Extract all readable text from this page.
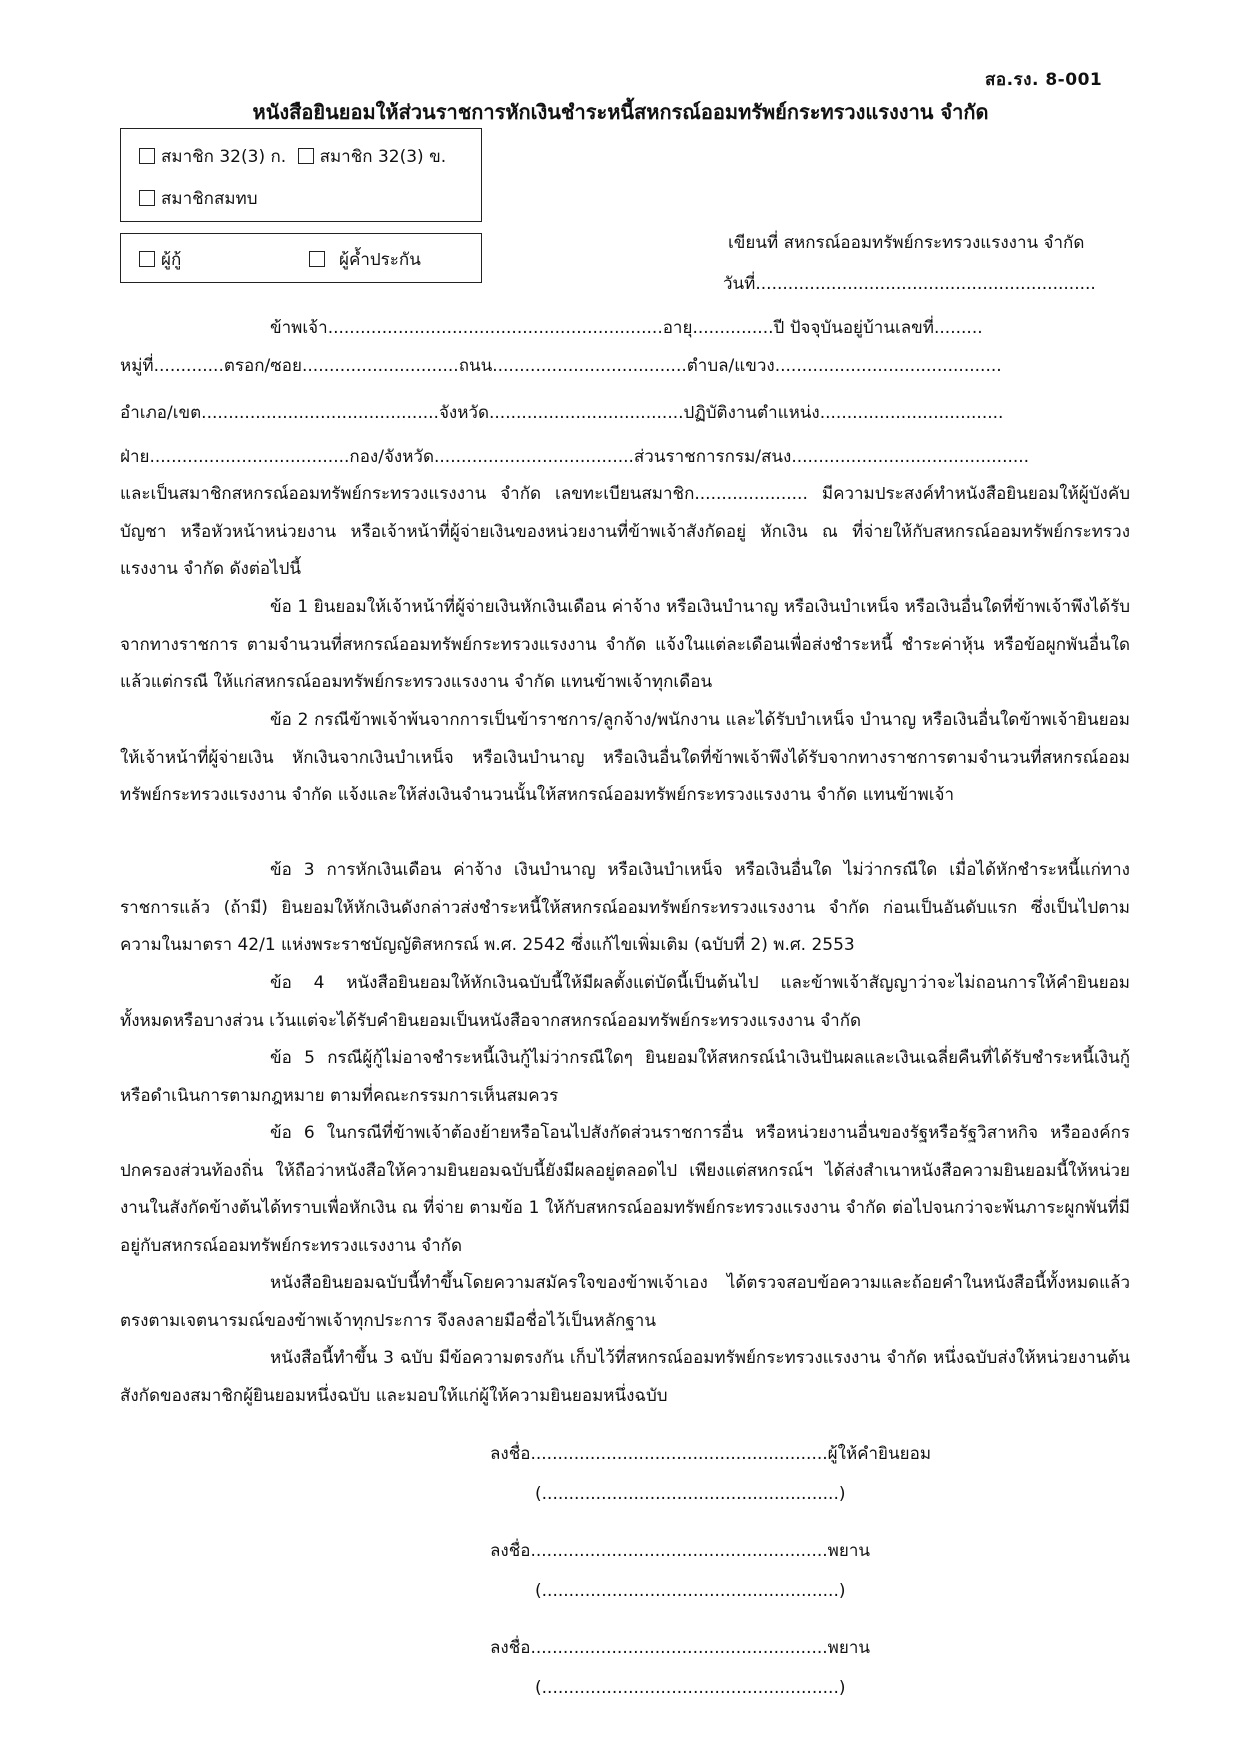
สอ.รง. 8-001
หนังสือยินยอมให้ส่วนราชการหักเงินชำระหนี้สหกรณ์ออมทรัพย์กระทรวงแรงงาน จำกัด
สมาชิก 32(3) ก. สมาชิก 32(3) ข.
สมาชิกสมทบ
ผู้กู้	ผู้ค้ำประกัน
เขียนที่ สหกรณ์ออมทรัพย์กระทรวงแรงงาน จำกัด
วันที่...............................................................
ข้าพเจ้า..............................................................อายุ...............ปี ปัจจุบันอยู่บ้านเลขที่.........
หมู่ที่.............ตรอก/ซอย.............................ถนน....................................ตำบล/แขวง..........................................
อำเภอ/เขต............................................จังหวัด....................................ปฏิบัติงานตำแหน่ง..................................
ฝ่าย.....................................กอง/จังหวัด.....................................ส่วนราชการกรม/สนง............................................
และเป็นสมาชิกสหกรณ์ออมทรัพย์กระทรวงแรงงาน จำกัด เลขทะเบียนสมาชิก..................... มีความประสงค์ทำหนังสือยินยอมให้ผู้บังคับบัญชา หรือหัวหน้าหน่วยงาน หรือเจ้าหน้าที่ผู้จ่ายเงินของหน่วยงานที่ข้าพเจ้าสังกัดอยู่ หักเงิน ณ ที่จ่ายให้กับสหกรณ์ออมทรัพย์กระทรวงแรงงาน จำกัด ดังต่อไปนี้
ข้อ 1 ยินยอมให้เจ้าหน้าที่ผู้จ่ายเงินหักเงินเดือน ค่าจ้าง หรือเงินบำนาญ หรือเงินบำเหน็จ หรือเงินอื่นใดที่ข้าพเจ้าพึงได้รับจากทางราชการ ตามจำนวนที่สหกรณ์ออมทรัพย์กระทรวงแรงงาน จำกัด แจ้งในแต่ละเดือนเพื่อส่งชำระหนี้ ชำระค่าหุ้น หรือข้อผูกพันอื่นใด แล้วแต่กรณี ให้แก่สหกรณ์ออมทรัพย์กระทรวงแรงงาน จำกัด แทนข้าพเจ้าทุกเดือน
ข้อ 2 กรณีข้าพเจ้าพ้นจากการเป็นข้าราชการ/ลูกจ้าง/พนักงาน และได้รับบำเหน็จ บำนาญ หรือเงินอื่นใดข้าพเจ้ายินยอมให้เจ้าหน้าที่ผู้จ่ายเงิน หักเงินจากเงินบำเหน็จ หรือเงินบำนาญ หรือเงินอื่นใดที่ข้าพเจ้าพึงได้รับจากทางราชการตามจำนวนที่สหกรณ์ออมทรัพย์กระทรวงแรงงาน จำกัด แจ้งและให้ส่งเงินจำนวนนั้นให้สหกรณ์ออมทรัพย์กระทรวงแรงงาน จำกัด แทนข้าพเจ้า
ข้อ 3 การหักเงินเดือน ค่าจ้าง เงินบำนาญ หรือเงินบำเหน็จ หรือเงินอื่นใด ไม่ว่ากรณีใด เมื่อได้หักชำระหนี้แก่ทางราชการแล้ว (ถ้ามี) ยินยอมให้หักเงินดังกล่าวส่งชำระหนี้ให้สหกรณ์ออมทรัพย์กระทรวงแรงงาน จำกัด ก่อนเป็นอันดับแรก ซึ่งเป็นไปตามความในมาตรา 42/1 แห่งพระราชบัญญัติสหกรณ์ พ.ศ. 2542 ซึ่งแก้ไขเพิ่มเติม (ฉบับที่ 2) พ.ศ. 2553
ข้อ 4 หนังสือยินยอมให้หักเงินฉบับนี้ให้มีผลตั้งแต่บัดนี้เป็นต้นไป และข้าพเจ้าสัญญาว่าจะไม่ถอนการให้คำยินยอมทั้งหมดหรือบางส่วน เว้นแต่จะได้รับคำยินยอมเป็นหนังสือจากสหกรณ์ออมทรัพย์กระทรวงแรงงาน จำกัด
ข้อ 5 กรณีผู้กู้ไม่อาจชำระหนี้เงินกู้ไม่ว่ากรณีใดๆ ยินยอมให้สหกรณ์นำเงินปันผลและเงินเฉลี่ยคืนที่ได้รับชำระหนี้เงินกู้ หรือดำเนินการตามกฎหมาย ตามที่คณะกรรมการเห็นสมควร
ข้อ 6 ในกรณีที่ข้าพเจ้าต้องย้ายหรือโอนไปสังกัดส่วนราชการอื่น หรือหน่วยงานอื่นของรัฐหรือรัฐวิสาหกิจ หรือองค์กรปกครองส่วนท้องถิ่น ให้ถือว่าหนังสือให้ความยินยอมฉบับนี้ยังมีผลอยู่ตลอดไป เพียงแต่สหกรณ์ฯ ได้ส่งสำเนาหนังสือความยินยอมนี้ให้หน่วยงานในสังกัดข้างต้นได้ทราบเพื่อหักเงิน ณ ที่จ่าย ตามข้อ 1 ให้กับสหกรณ์ออมทรัพย์กระทรวงแรงงาน จำกัด ต่อไปจนกว่าจะพ้นภาระผูกพันที่มีอยู่กับสหกรณ์ออมทรัพย์กระทรวงแรงงาน จำกัด
หนังสือยินยอมฉบับนี้ทำขึ้นโดยความสมัครใจของข้าพเจ้าเอง ได้ตรวจสอบข้อความและถ้อยคำในหนังสือนี้ทั้งหมดแล้ว ตรงตามเจตนารมณ์ของข้าพเจ้าทุกประการ จึงลงลายมือชื่อไว้เป็นหลักฐาน
หนังสือนี้ทำขึ้น 3 ฉบับ มีข้อความตรงกัน เก็บไว้ที่สหกรณ์ออมทรัพย์กระทรวงแรงงาน จำกัด หนึ่งฉบับส่งให้หน่วยงานต้นสังกัดของสมาชิกผู้ยินยอมหนึ่งฉบับ และมอบให้แก่ผู้ให้ความยินยอมหนึ่งฉบับ
ลงชื่อ.......................................................ผู้ให้คำยินยอม
(.......................................................)
ลงชื่อ.......................................................พยาน
(.......................................................)
ลงชื่อ.......................................................พยาน
(.......................................................)
